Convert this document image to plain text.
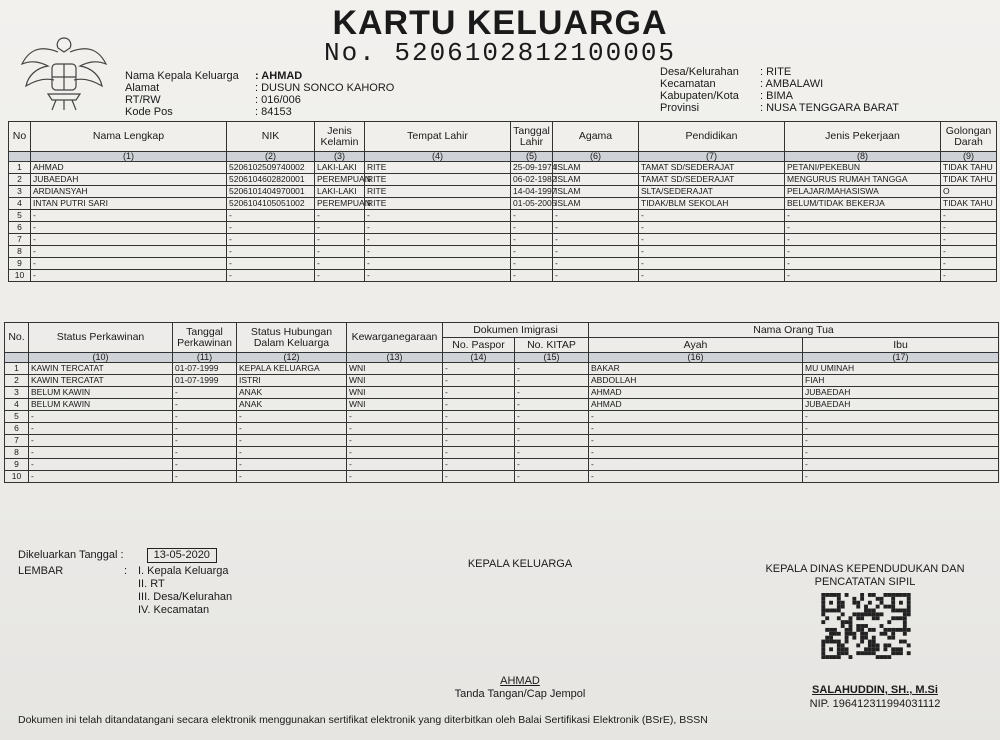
KARTU KELUARGA
No. 5206102812100005
Nama Kepala Keluarga	: AHMAD
Alamat	: DUSUN SONCO KAHORO
RT/RW	: 016/006
Kode Pos	: 84153
Desa/Kelurahan	: RITE
Kecamatan	: AMBALAWI
Kabupaten/Kota	: BIMA
Provinsi	: NUSA TENGGARA BARAT
No	Nama Lengkap	NIK	Jenis Kelamin	Tempat Lahir	Tanggal Lahir	Agama	Pendidikan	Jenis Pekerjaan	Golongan Darah
	(1)	(2)	(3)	(4)	(5)	(6)	(7)	(8)	(9)
1	AHMAD	5206102509740002	LAKI-LAKI	RITE	25-09-1974	ISLAM	TAMAT SD/SEDERAJAT	PETANI/PEKEBUN	TIDAK TAHU
2	JUBAEDAH	5206104602820001	PEREMPUAN	RITE	06-02-1982	ISLAM	TAMAT SD/SEDERAJAT	MENGURUS RUMAH TANGGA	TIDAK TAHU
3	ARDIANSYAH	5206101404970001	LAKI-LAKI	RITE	14-04-1997	ISLAM	SLTA/SEDERAJAT	PELAJAR/MAHASISWA	O
4	INTAN PUTRI SARI	5206104105051002	PEREMPUAN	RITE	01-05-2005	ISLAM	TIDAK/BLM SEKOLAH	BELUM/TIDAK BEKERJA	TIDAK TAHU
5	-	-	-	-	-	-	-	-	-
6	-	-	-	-	-	-	-	-	-
7	-	-	-	-	-	-	-	-	-
8	-	-	-	-	-	-	-	-	-
9	-	-	-	-	-	-	-	-	-
10	-	-	-	-	-	-	-	-	-
No.	Status Perkawinan	Tanggal Perkawinan	Status Hubungan Dalam Keluarga	Kewarganegaraan	Dokumen Imigrasi		Nama Orang Tua	
					No. Paspor	No. KITAP	Ayah	Ibu
	(10)	(11)	(12)	(13)	(14)	(15)	(16)	(17)
1	KAWIN TERCATAT	01-07-1999	KEPALA KELUARGA	WNI	-	-	BAKAR	MU UMINAH
2	KAWIN TERCATAT	01-07-1999	ISTRI	WNI	-	-	ABDOLLAH	FIAH
3	BELUM KAWIN	-	ANAK	WNI	-	-	AHMAD	JUBAEDAH
4	BELUM KAWIN	-	ANAK	WNI	-	-	AHMAD	JUBAEDAH
5	-	-	-	-	-	-	-	-
6	-	-	-	-	-	-	-	-
7	-	-	-	-	-	-	-	-
8	-	-	-	-	-	-	-	-
9	-	-	-	-	-	-	-	-
10	-	-	-	-	-	-	-	-
Dikeluarkan Tanggal :	13-05-2020
LEMBAR	: I. Kepala Keluarga
II. RT
III. Desa/Kelurahan
IV. Kecamatan
KEPALA KELUARGA
AHMAD
Tanda Tangan/Cap Jempol
KEPALA DINAS KEPENDUDUKAN DAN
PENCATATAN SIPIL
SALAHUDDIN, SH., M.Si
NIP. 196412311994031112
Dokumen ini telah ditandatangani secara elektronik menggunakan sertifikat elektronik yang diterbitkan oleh Balai Sertifikasi Elektronik (BSrE), BSSN
